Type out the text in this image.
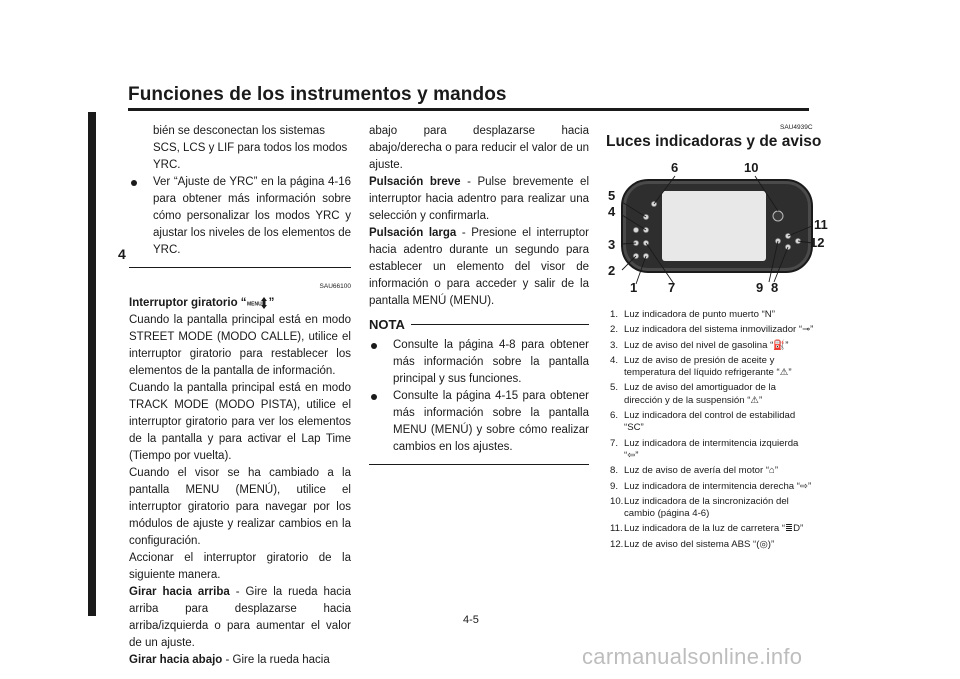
Funciones de los instrumentos y mandos
4

bién se desconectan los sistemas

SCS, LCS y LIF para todos los modos

YRC.

Ver “Ajuste de YRC” en la página 4-16 para obtener más información sobre cómo personalizar los modos YRC y ajustar los niveles de los elementos de YRC.
SAU66100
Interruptor giratorio “ MENU ”

Cuando la pantalla principal está en modo STREET MODE (MODO CALLE), utilice el interruptor giratorio para restablecer los elementos de la pantalla de información.

Cuando la pantalla principal está en modo TRACK MODE (MODO PISTA), utilice el interruptor giratorio para ver los elementos de la pantalla y para activar el Lap Time (Tiempo por vuelta).

Cuando el visor se ha cambiado a la pantalla MENU (MENÚ), utilice el interruptor giratorio para navegar por los módulos de ajuste y realizar cambios en la configuración.

Accionar el interruptor giratorio de la siguiente manera.

Girar hacia arriba - Gire la rueda hacia arriba para desplazarse hacia arriba/izquierda o para aumentar el valor de un ajuste.

Girar hacia abajo - Gire la rueda hacia

abajo para desplazarse hacia abajo/derecha o para reducir el valor de un ajuste.

Pulsación breve - Pulse brevemente el interruptor hacia adentro para realizar una selección y confirmarla.

Pulsación larga - Presione el interruptor hacia adentro durante un segundo para establecer un elemento del visor de información o para acceder y salir de la pantalla MENÚ (MENU).

NOTA
Consulte la página 4-8 para obtener más información sobre la pantalla principal y sus funciones.
Consulte la página 4-15 para obtener más información sobre la pantalla MENU (MENÚ) y sobre cómo realizar cambios en los ajustes.
SAU4939C
Luces indicadoras y de aviso
6	10
5
4
3
2
11
12
1 7	9 8
1. Luz indicadora de punto muerto “N”
2. Luz indicadora del sistema inmovilizador “⊸”
3. Luz de aviso del nivel de gasolina “⛽”
4. Luz de aviso de presión de aceite y temperatura del líquido refrigerante “⚠”
5. Luz de aviso del amortiguador de la dirección y de la suspensión “⚠”
6. Luz indicadora del control de estabilidad “SC”
7. Luz indicadora de intermitencia izquierda “⇦”
8. Luz de aviso de avería del motor “⌂”
9. Luz indicadora de intermitencia derecha “⇨”
10. Luz indicadora de la sincronización del cambio (página 4-6)
11. Luz indicadora de la luz de carretera “≣D”
12. Luz de aviso del sistema ABS “(◎)”
4-5
carmanualsonline.info
